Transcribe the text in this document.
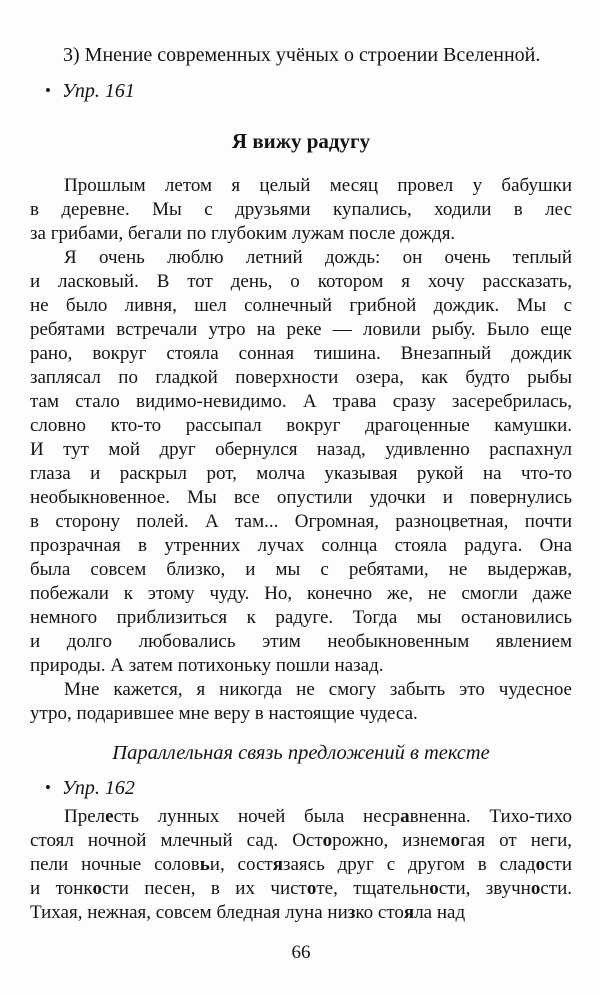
3) Мнение современных учёных о строении Вселенной.
• Упр. 161
Я вижу радугу
Прошлым летом я целый месяц провел у бабушки
в деревне. Мы с друзьями купались, ходили в лес
за грибами, бегали по глубоким лужам после дождя.
Я очень люблю летний дождь: он очень теплый
и ласковый. В тот день, о котором я хочу рассказать,
не было ливня, шел солнечный грибной дождик. Мы с
ребятами встречали утро на реке — ловили рыбу. Было еще
рано, вокруг стояла сонная тишина. Внезапный дождик
заплясал по гладкой поверхности озера, как будто рыбы
там стало видимо-невидимо. А трава сразу засеребрилась,
словно кто-то рассыпал вокруг драгоценные камушки.
И тут мой друг обернулся назад, удивленно распахнул
глаза и раскрыл рот, молча указывая рукой на что-то
необыкновенное. Мы все опустили удочки и повернулись
в сторону полей. А там... Огромная, разноцветная, почти
прозрачная в утренних лучах солнца стояла радуга. Она
была совсем близко, и мы с ребятами, не выдержав,
побежали к этому чуду. Но, конечно же, не смогли даже
немного приблизиться к радуге. Тогда мы остановились
и долго любовались этим необыкновенным явлением
природы. А затем потихоньку пошли назад.
Мне кажется, я никогда не смогу забыть это чудесное
утро, подарившее мне веру в настоящие чудеса.
Параллельная связь предложений в тексте
• Упр. 162
Прелесть лунных ночей была несравненна. Тихо-тихо
стоял ночной млечный сад. Осторожно, изнемогая от неги,
пели ночные соловьи, состязаясь друг с другом в сладости
и тонкости песен, в их чистоте, тщательности, звучности.
Тихая, нежная, совсем бледная луна низко стояла над
66
